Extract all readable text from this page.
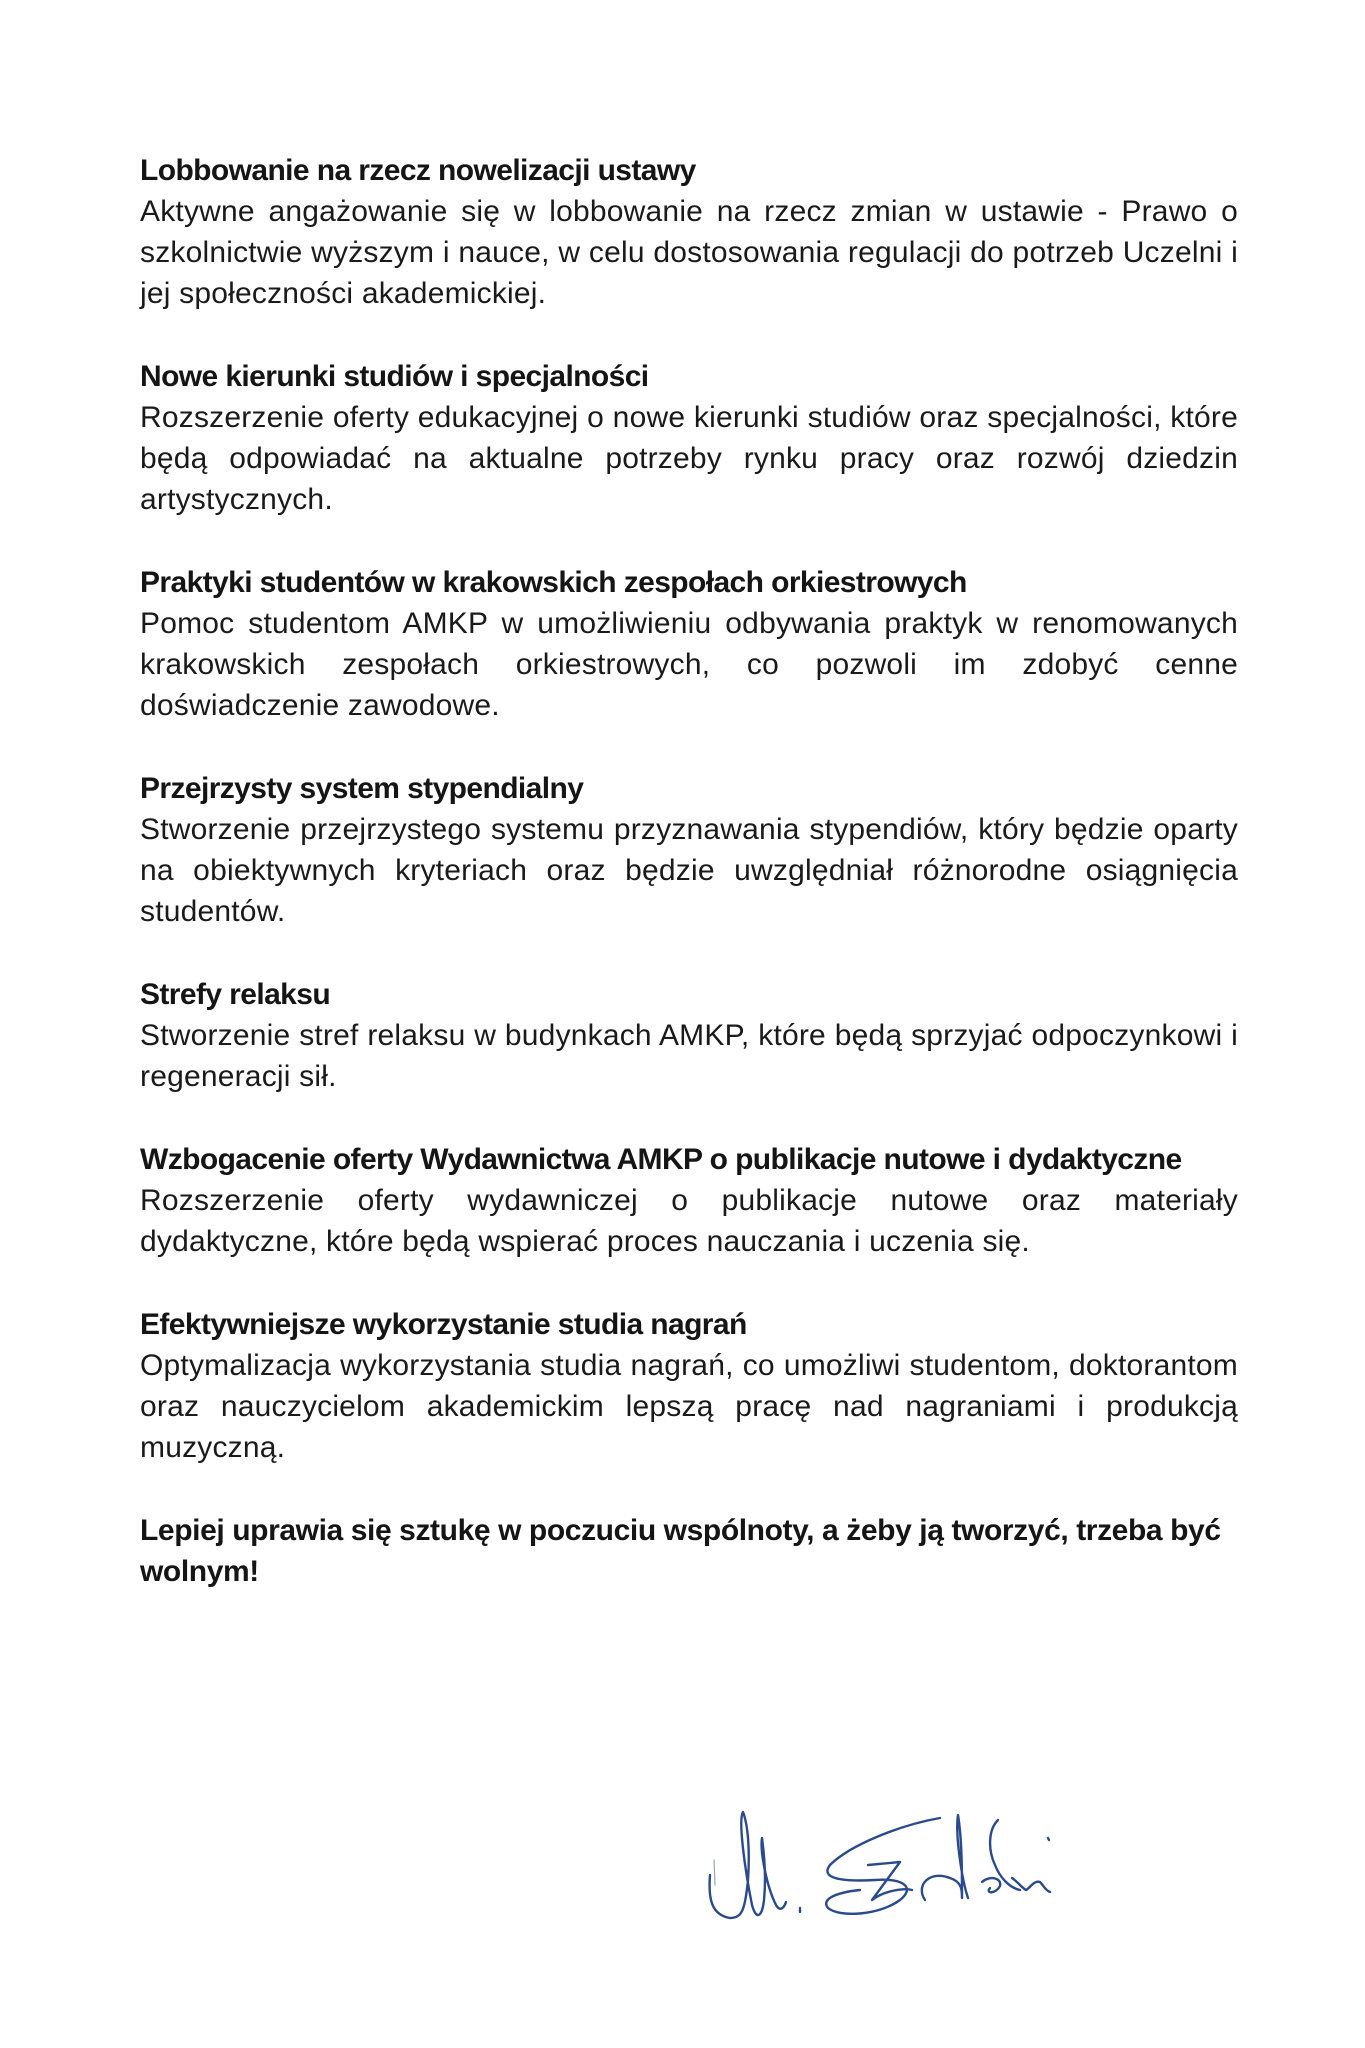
Lobbowanie na rzecz nowelizacji ustawy

Aktywne angażowanie się w lobbowanie na rzecz zmian w ustawie - Prawo o szkolnictwie wyższym i nauce, w celu dostosowania regulacji do potrzeb Uczelni i jej społeczności akademickiej.

Nowe kierunki studiów i specjalności

Rozszerzenie oferty edukacyjnej o nowe kierunki studiów oraz specjalności, które będą odpowiadać na aktualne potrzeby rynku pracy oraz rozwój dziedzin artystycznych.

Praktyki studentów w krakowskich zespołach orkiestrowych

Pomoc studentom AMKP w umożliwieniu odbywania praktyk w renomowanych krakowskich zespołach orkiestrowych, co pozwoli im zdobyć cenne doświadczenie zawodowe.

Przejrzysty system stypendialny

Stworzenie przejrzystego systemu przyznawania stypendiów, który będzie oparty na obiektywnych kryteriach oraz będzie uwzględniał różnorodne osiągnięcia studentów.

Strefy relaksu

Stworzenie stref relaksu w budynkach AMKP, które będą sprzyjać odpoczynkowi i regeneracji sił.

Wzbogacenie oferty Wydawnictwa AMKP o publikacje nutowe i dydaktyczne

Rozszerzenie oferty wydawniczej o publikacje nutowe oraz materiały dydaktyczne, które będą wspierać proces nauczania i uczenia się.

Efektywniejsze wykorzystanie studia nagrań

Optymalizacja wykorzystania studia nagrań, co umożliwi studentom, doktorantom oraz nauczycielom akademickim lepszą pracę nad nagraniami i produkcją muzyczną.

Lepiej uprawia się sztukę w poczuciu wspólnoty, a żeby ją tworzyć, trzeba być wolnym!
